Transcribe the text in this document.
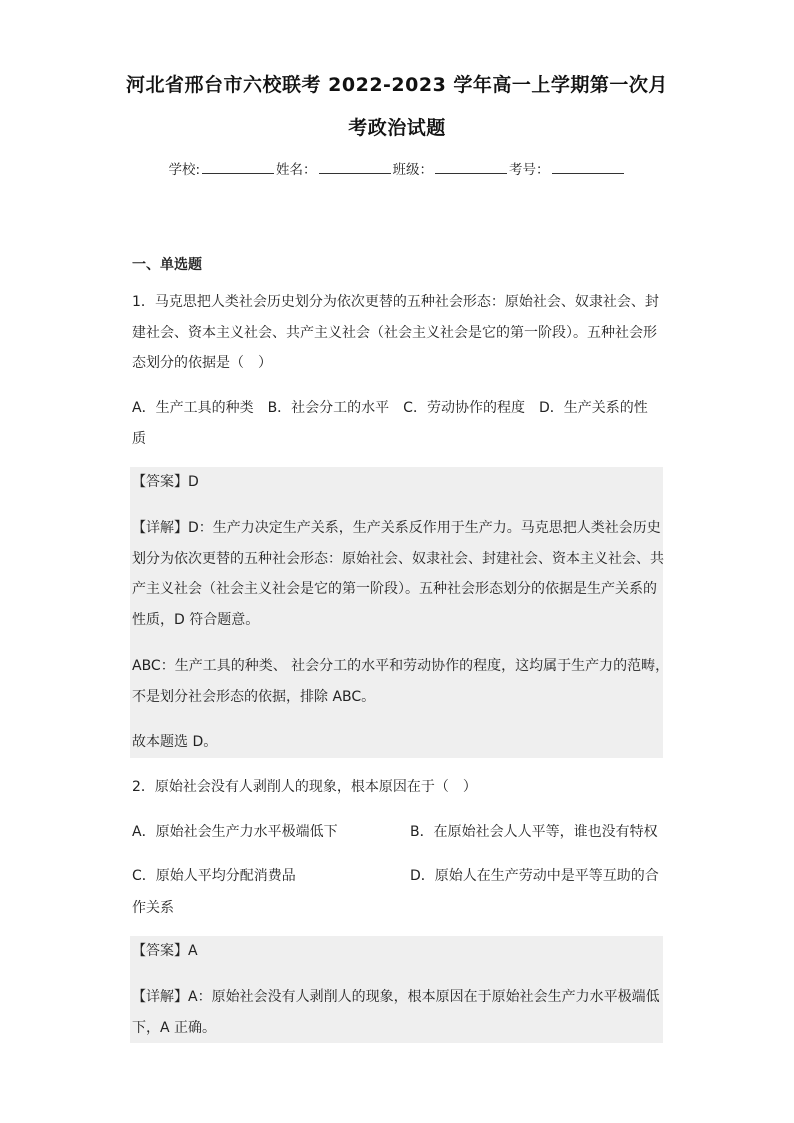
河北省邢台市六校联考 2022-2023 学年高一上学期第一次月
考政治试题
学校:	姓名：	班级：	考号：
一、单选题
1．马克思把人类社会历史划分为依次更替的五种社会形态：原始社会、奴隶社会、封
建社会、资本主义社会、共产主义社会（社会主义社会是它的第一阶段）。五种社会形
态划分的依据是（　）
A．生产工具的种类　B．社会分工的水平　C．劳动协作的程度　D．生产关系的性
质
【答案】D
【详解】D：生产力决定生产关系，生产关系反作用于生产力。马克思把人类社会历史
划分为依次更替的五种社会形态：原始社会、奴隶社会、封建社会、资本主义社会、共
产主义社会（社会主义社会是它的第一阶段）。五种社会形态划分的依据是生产关系的
性质，D 符合题意。
ABC：生产工具的种类、 社会分工的水平和劳动协作的程度，这均属于生产力的范畴，
不是划分社会形态的依据，排除 ABC。
故本题选 D。
2．原始社会没有人剥削人的现象，根本原因在于（　）
A．原始社会生产力水平极端低下	B．在原始社会人人平等，谁也没有特权
C．原始人平均分配消费品	D．原始人在生产劳动中是平等互助的合
作关系
【答案】A
【详解】A：原始社会没有人剥削人的现象，根本原因在于原始社会生产力水平极端低
下，A 正确。
